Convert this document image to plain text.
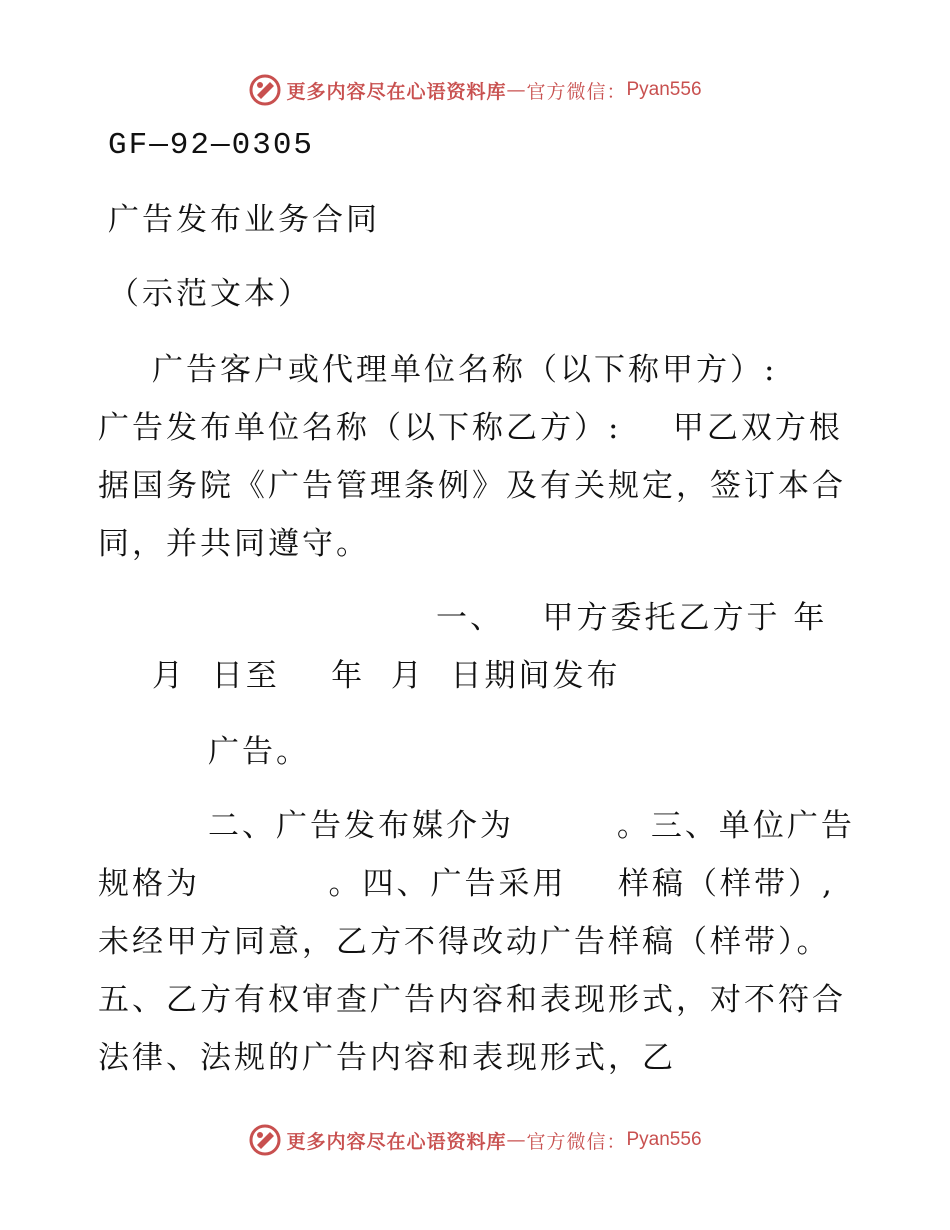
更多内容尽在心语资料库 — 官方微信： Pyan556
GF—92—0305
广告发布业务合同
（示范文本）
广告客户或代理单位名称（以下称甲方）:
广告发布单位名称（以下称乙方）:    甲乙双方根
据国务院《广告管理条例》及有关规定，签订本合
同，并共同遵守。
一、   甲方委托乙方于 年
月  日至    年  月  日期间发布
广告。
二、广告发布媒介为        。三、单位广告
规格为          。四、广告采用    样稿（样带）,
未经甲方同意，乙方不得改动广告样稿（样带）。
五、乙方有权审查广告内容和表现形式，对不符合
法律、法规的广告内容和表现形式，乙
更多内容尽在心语资料库 — 官方微信： Pyan556
